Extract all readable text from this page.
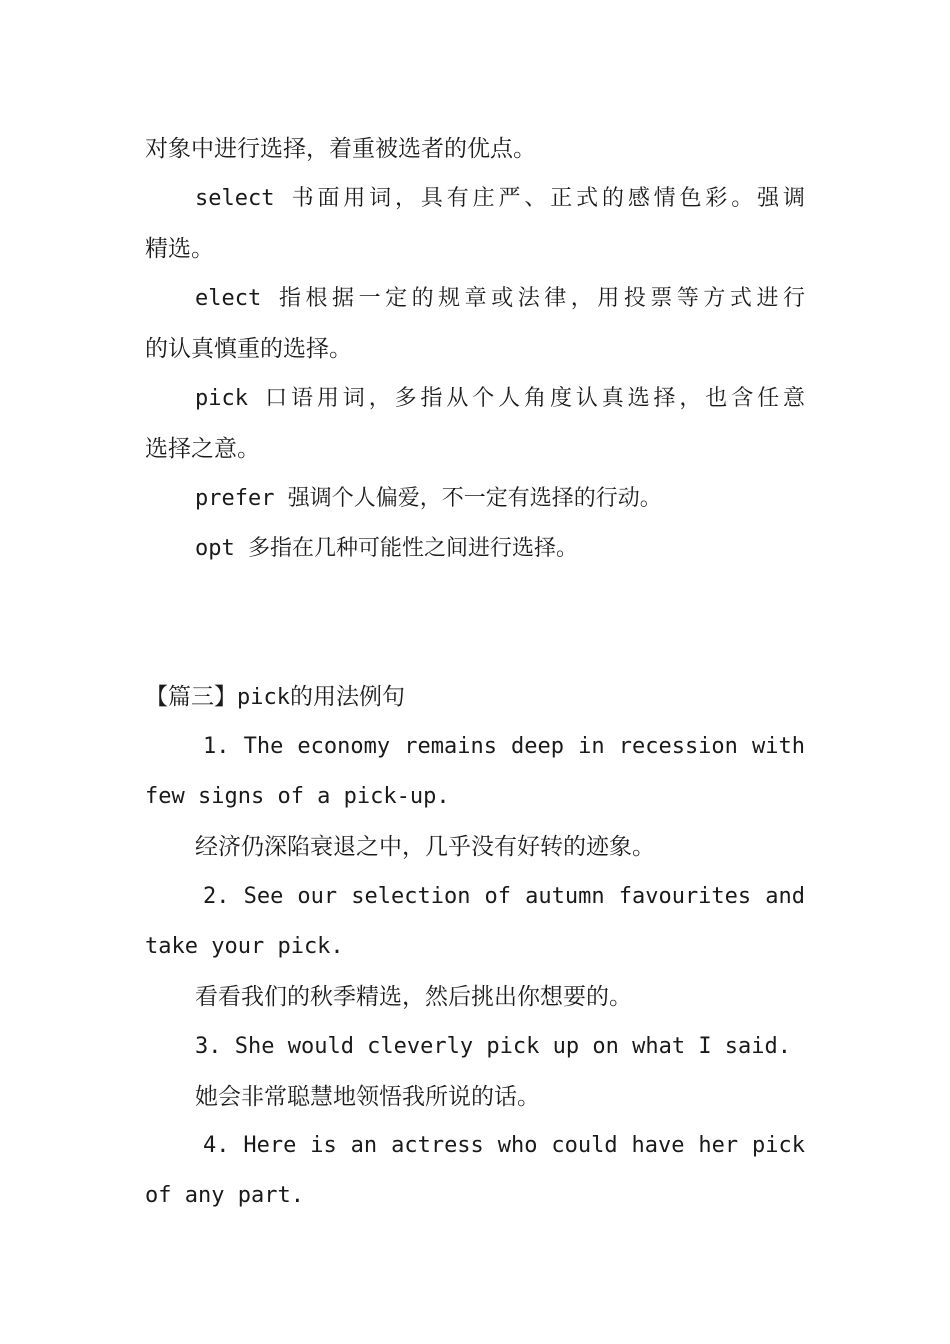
对象中进行选择，着重被选者的优点。
select 书面用词，具有庄严、正式的感情色彩。强调
精选。
elect 指根据一定的规章或法律，用投票等方式进行
的认真慎重的选择。
pick 口语用词，多指从个人角度认真选择，也含任意
选择之意。
prefer 强调个人偏爱，不一定有选择的行动。
opt 多指在几种可能性之间进行选择。
【篇三】pick的用法例句
1. The economy remains deep in recession with
few signs of a pick-up.
经济仍深陷衰退之中，几乎没有好转的迹象。
2. See our selection of autumn favourites and
take your pick.
看看我们的秋季精选，然后挑出你想要的。
3. She would cleverly pick up on what I said.
她会非常聪慧地领悟我所说的话。
4. Here is an actress who could have her pick
of any part.
